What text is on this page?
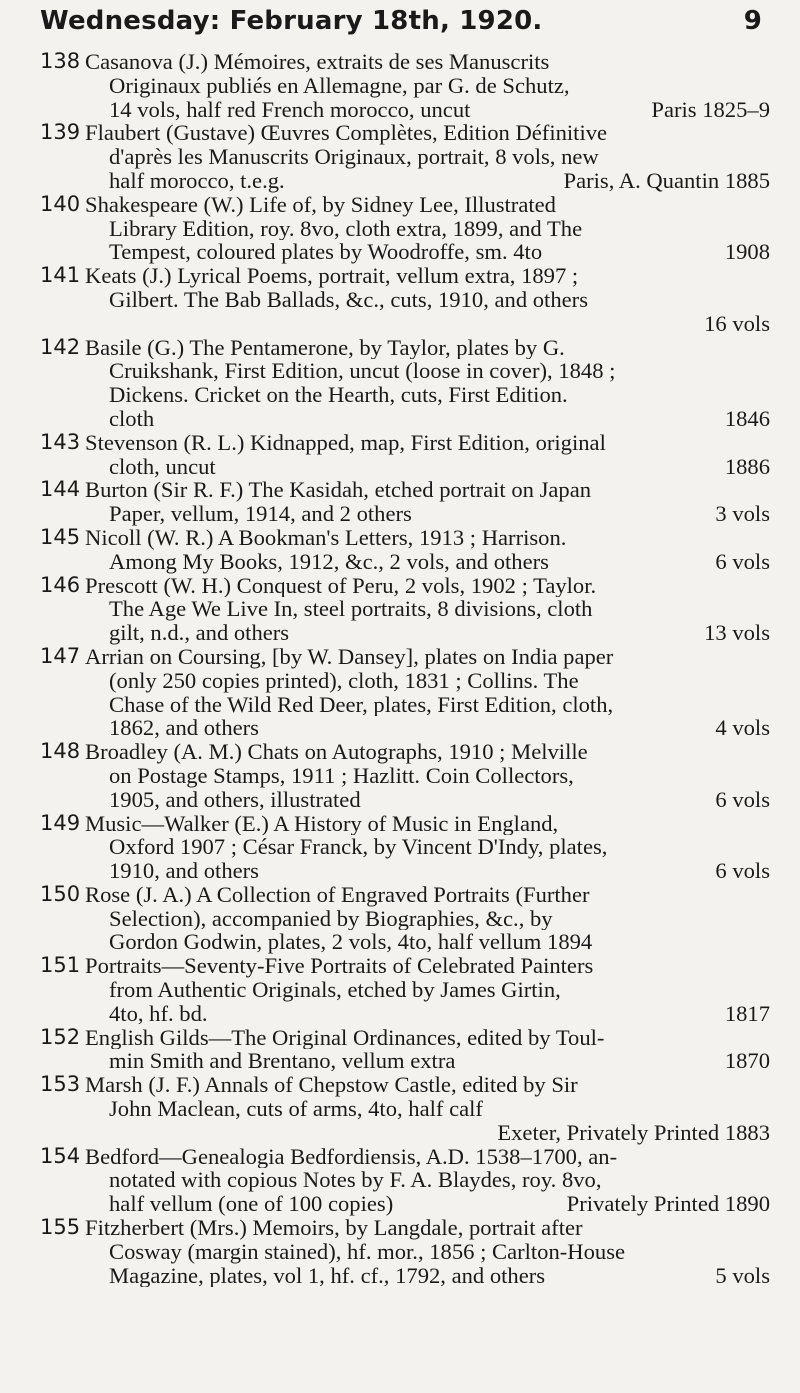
Wednesday: February 18th, 1920.	9
138 Casanova (J.) Mémoires, extraits de ses Manuscrits
Originaux publiés en Allemagne, par G. de Schutz,
14 vols, half red French morocco, uncut	Paris 1825–9
139 Flaubert (Gustave) Œuvres Complètes, Edition Définitive
d'après les Manuscrits Originaux, portrait, 8 vols, new
half morocco, t.e.g.	Paris, A. Quantin 1885
140 Shakespeare (W.) Life of, by Sidney Lee, Illustrated
Library Edition, roy. 8vo, cloth extra, 1899, and The
Tempest, coloured plates by Woodroffe, sm. 4to	1908
141 Keats (J.) Lyrical Poems, portrait, vellum extra, 1897 ;
Gilbert. The Bab Ballads, &c., cuts, 1910, and others
16 vols
142 Basile (G.) The Pentamerone, by Taylor, plates by G.
Cruikshank, First Edition, uncut (loose in cover), 1848 ;
Dickens. Cricket on the Hearth, cuts, First Edition.
cloth	1846
143 Stevenson (R. L.) Kidnapped, map, First Edition, original
cloth, uncut	1886
144 Burton (Sir R. F.) The Kasidah, etched portrait on Japan
Paper, vellum, 1914, and 2 others	3 vols
145 Nicoll (W. R.) A Bookman's Letters, 1913 ; Harrison.
Among My Books, 1912, &c., 2 vols, and others	6 vols
146 Prescott (W. H.) Conquest of Peru, 2 vols, 1902 ; Taylor.
The Age We Live In, steel portraits, 8 divisions, cloth
gilt, n.d., and others	13 vols
147 Arrian on Coursing, [by W. Dansey], plates on India paper
(only 250 copies printed), cloth, 1831 ; Collins. The
Chase of the Wild Red Deer, plates, First Edition, cloth,
1862, and others	4 vols
148 Broadley (A. M.) Chats on Autographs, 1910 ; Melville
on Postage Stamps, 1911 ; Hazlitt. Coin Collectors,
1905, and others, illustrated	6 vols
149 Music—Walker (E.) A History of Music in England,
Oxford 1907 ; César Franck, by Vincent D'Indy, plates,
1910, and others	6 vols
150 Rose (J. A.) A Collection of Engraved Portraits (Further
Selection), accompanied by Biographies, &c., by
Gordon Godwin, plates, 2 vols, 4to, half vellum 1894
151 Portraits—Seventy-Five Portraits of Celebrated Painters
from Authentic Originals, etched by James Girtin,
4to, hf. bd.	1817
152 English Gilds—The Original Ordinances, edited by Toul-
min Smith and Brentano, vellum extra	1870
153 Marsh (J. F.) Annals of Chepstow Castle, edited by Sir
John Maclean, cuts of arms, 4to, half calf
Exeter, Privately Printed 1883
154 Bedford—Genealogia Bedfordiensis, A.D. 1538–1700, an-
notated with copious Notes by F. A. Blaydes, roy. 8vo,
half vellum (one of 100 copies)	Privately Printed 1890
155 Fitzherbert (Mrs.) Memoirs, by Langdale, portrait after
Cosway (margin stained), hf. mor., 1856 ; Carlton-House
Magazine, plates, vol 1, hf. cf., 1792, and others	5 vols
